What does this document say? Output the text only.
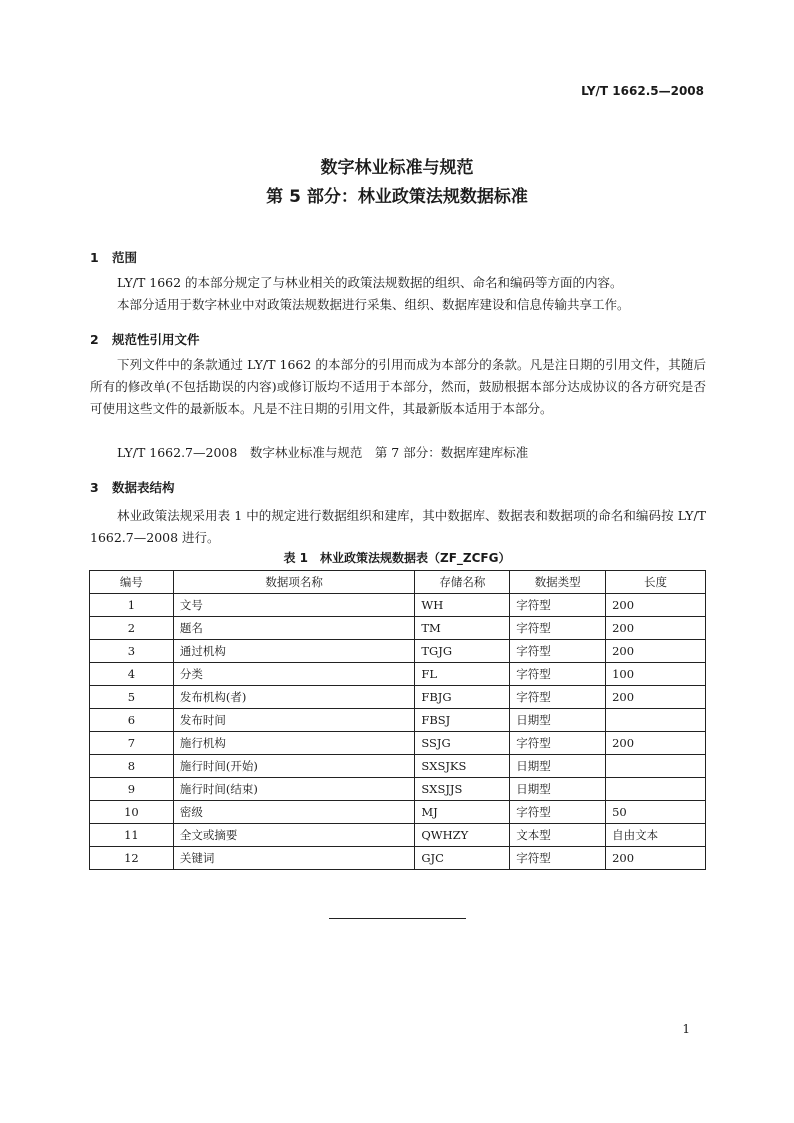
LY/T 1662.5—2008
数字林业标准与规范
第 5 部分：林业政策法规数据标准
1 范围
LY/T 1662 的本部分规定了与林业相关的政策法规数据的组织、命名和编码等方面的内容。
本部分适用于数字林业中对政策法规数据进行采集、组织、数据库建设和信息传输共享工作。
2 规范性引用文件
下列文件中的条款通过 LY/T 1662 的本部分的引用而成为本部分的条款。凡是注日期的引用文件，其随后所有的修改单(不包括勘误的内容)或修订版均不适用于本部分，然而，鼓励根据本部分达成协议的各方研究是否可使用这些文件的最新版本。凡是不注日期的引用文件，其最新版本适用于本部分。
LY/T 1662.7—2008　数字林业标准与规范　第 7 部分：数据库建库标准
3 数据表结构
林业政策法规采用表 1 中的规定进行数据组织和建库，其中数据库、数据表和数据项的命名和编码按 LY/T 1662.7—2008 进行。
表 1　林业政策法规数据表（ZF_ZCFG）
编号	数据项名称	存储名称	数据类型	长度
1	文号	WH	字符型	200
2	题名	TM	字符型	200
3	通过机构	TGJG	字符型	200
4	分类	FL	字符型	100
5	发布机构(者)	FBJG	字符型	200
6	发布时间	FBSJ	日期型	
7	施行机构	SSJG	字符型	200
8	施行时间(开始)	SXSJKS	日期型	
9	施行时间(结束)	SXSJJS	日期型	
10	密级	MJ	字符型	50
11	全文或摘要	QWHZY	文本型	自由文本
12	关键词	GJC	字符型	200
1
